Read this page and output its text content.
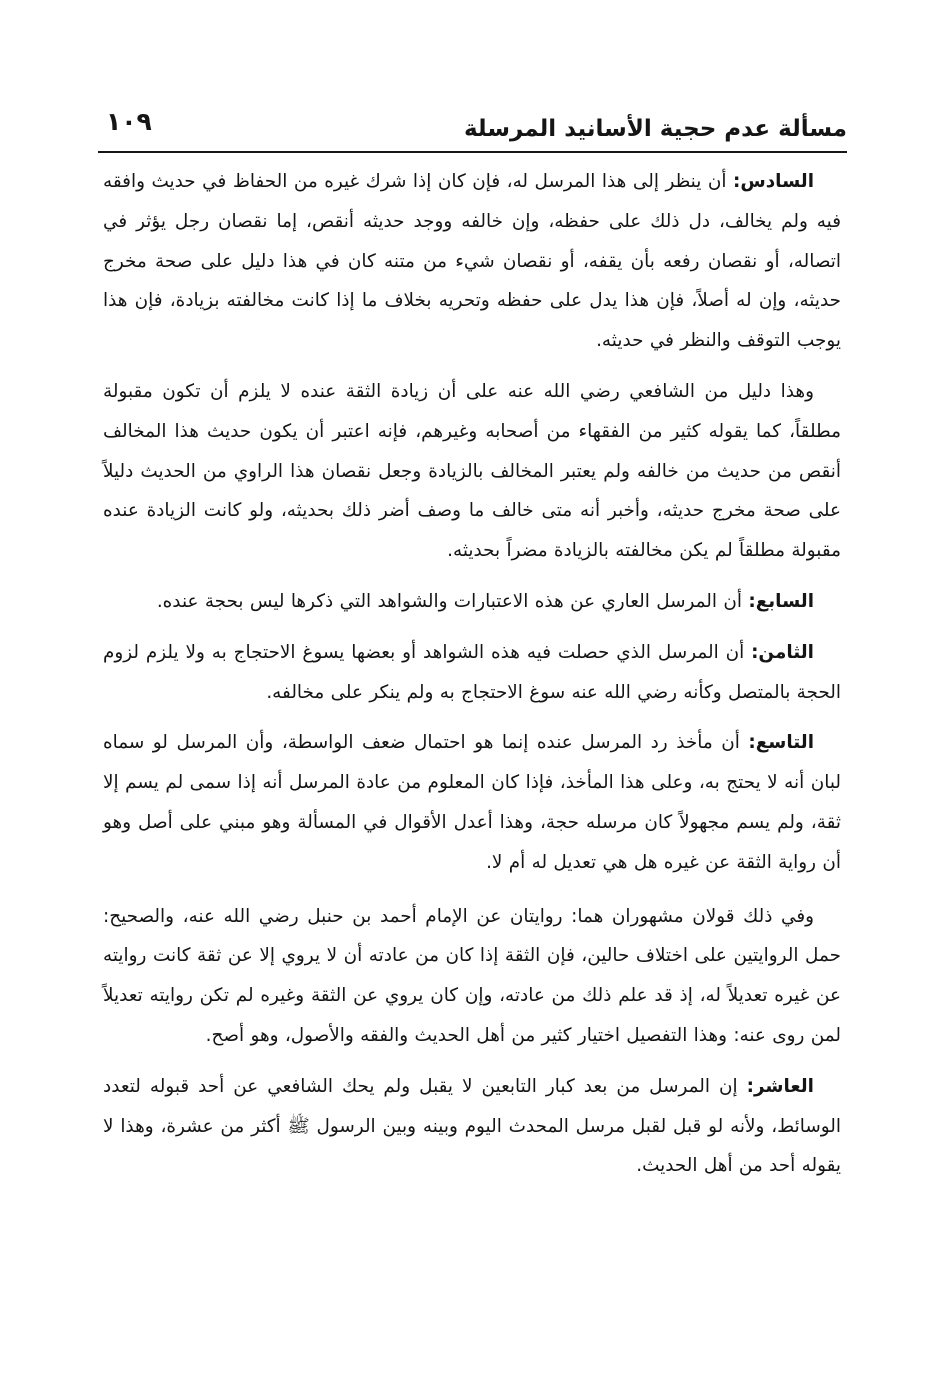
مسألة عدم حجية الأسانيد المرسلة
١٠٩

السادس: أن ينظر إلى هذا المرسل له، فإن كان إذا شرك غيره من الحفاظ في حديث وافقه فيه ولم يخالف، دل ذلك على حفظه، وإن خالفه ووجد حديثه أنقص، إما نقصان رجل يؤثر في اتصاله، أو نقصان رفعه بأن يقفه، أو نقصان شيء من متنه كان في هذا دليل على صحة مخرج حديثه، وإن له أصلاً، فإن هذا يدل على حفظه وتحريه بخلاف ما إذا كانت مخالفته بزيادة، فإن هذا يوجب التوقف والنظر في حديثه.

وهذا دليل من الشافعي رضي الله عنه على أن زيادة الثقة عنده لا يلزم أن تكون مقبولة مطلقاً، كما يقوله كثير من الفقهاء من أصحابه وغيرهم، فإنه اعتبر أن يكون حديث هذا المخالف أنقص من حديث من خالفه ولم يعتبر المخالف بالزيادة وجعل نقصان هذا الراوي من الحديث دليلاً على صحة مخرج حديثه، وأخبر أنه متى خالف ما وصف أضر ذلك بحديثه، ولو كانت الزيادة عنده مقبولة مطلقاً لم يكن مخالفته بالزيادة مضراً بحديثه.

السابع: أن المرسل العاري عن هذه الاعتبارات والشواهد التي ذكرها ليس بحجة عنده.

الثامن: أن المرسل الذي حصلت فيه هذه الشواهد أو بعضها يسوغ الاحتجاج به ولا يلزم لزوم الحجة بالمتصل وكأنه رضي الله عنه سوغ الاحتجاج به ولم ينكر على مخالفه.

التاسع: أن مأخذ رد المرسل عنده إنما هو احتمال ضعف الواسطة، وأن المرسل لو سماه لبان أنه لا يحتج به، وعلى هذا المأخذ، فإذا كان المعلوم من عادة المرسل أنه إذا سمى لم يسم إلا ثقة، ولم يسم مجهولاً كان مرسله حجة، وهذا أعدل الأقوال في المسألة وهو مبني على أصل وهو أن رواية الثقة عن غيره هل هي تعديل له أم لا.

وفي ذلك قولان مشهوران هما: روايتان عن الإمام أحمد بن حنبل رضي الله عنه، والصحيح: حمل الروايتين على اختلاف حالين، فإن الثقة إذا كان من عادته أن لا يروي إلا عن ثقة كانت روايته عن غيره تعديلاً له، إذ قد علم ذلك من عادته، وإن كان يروي عن الثقة وغيره لم تكن روايته تعديلاً لمن روى عنه: وهذا التفصيل اختيار كثير من أهل الحديث والفقه والأصول، وهو أصح.

العاشر: إن المرسل من بعد كبار التابعين لا يقبل ولم يحك الشافعي عن أحد قبوله لتعدد الوسائط، ولأنه لو قبل لقبل مرسل المحدث اليوم وبينه وبين الرسول ﷺ أكثر من عشرة، وهذا لا يقوله أحد من أهل الحديث.
